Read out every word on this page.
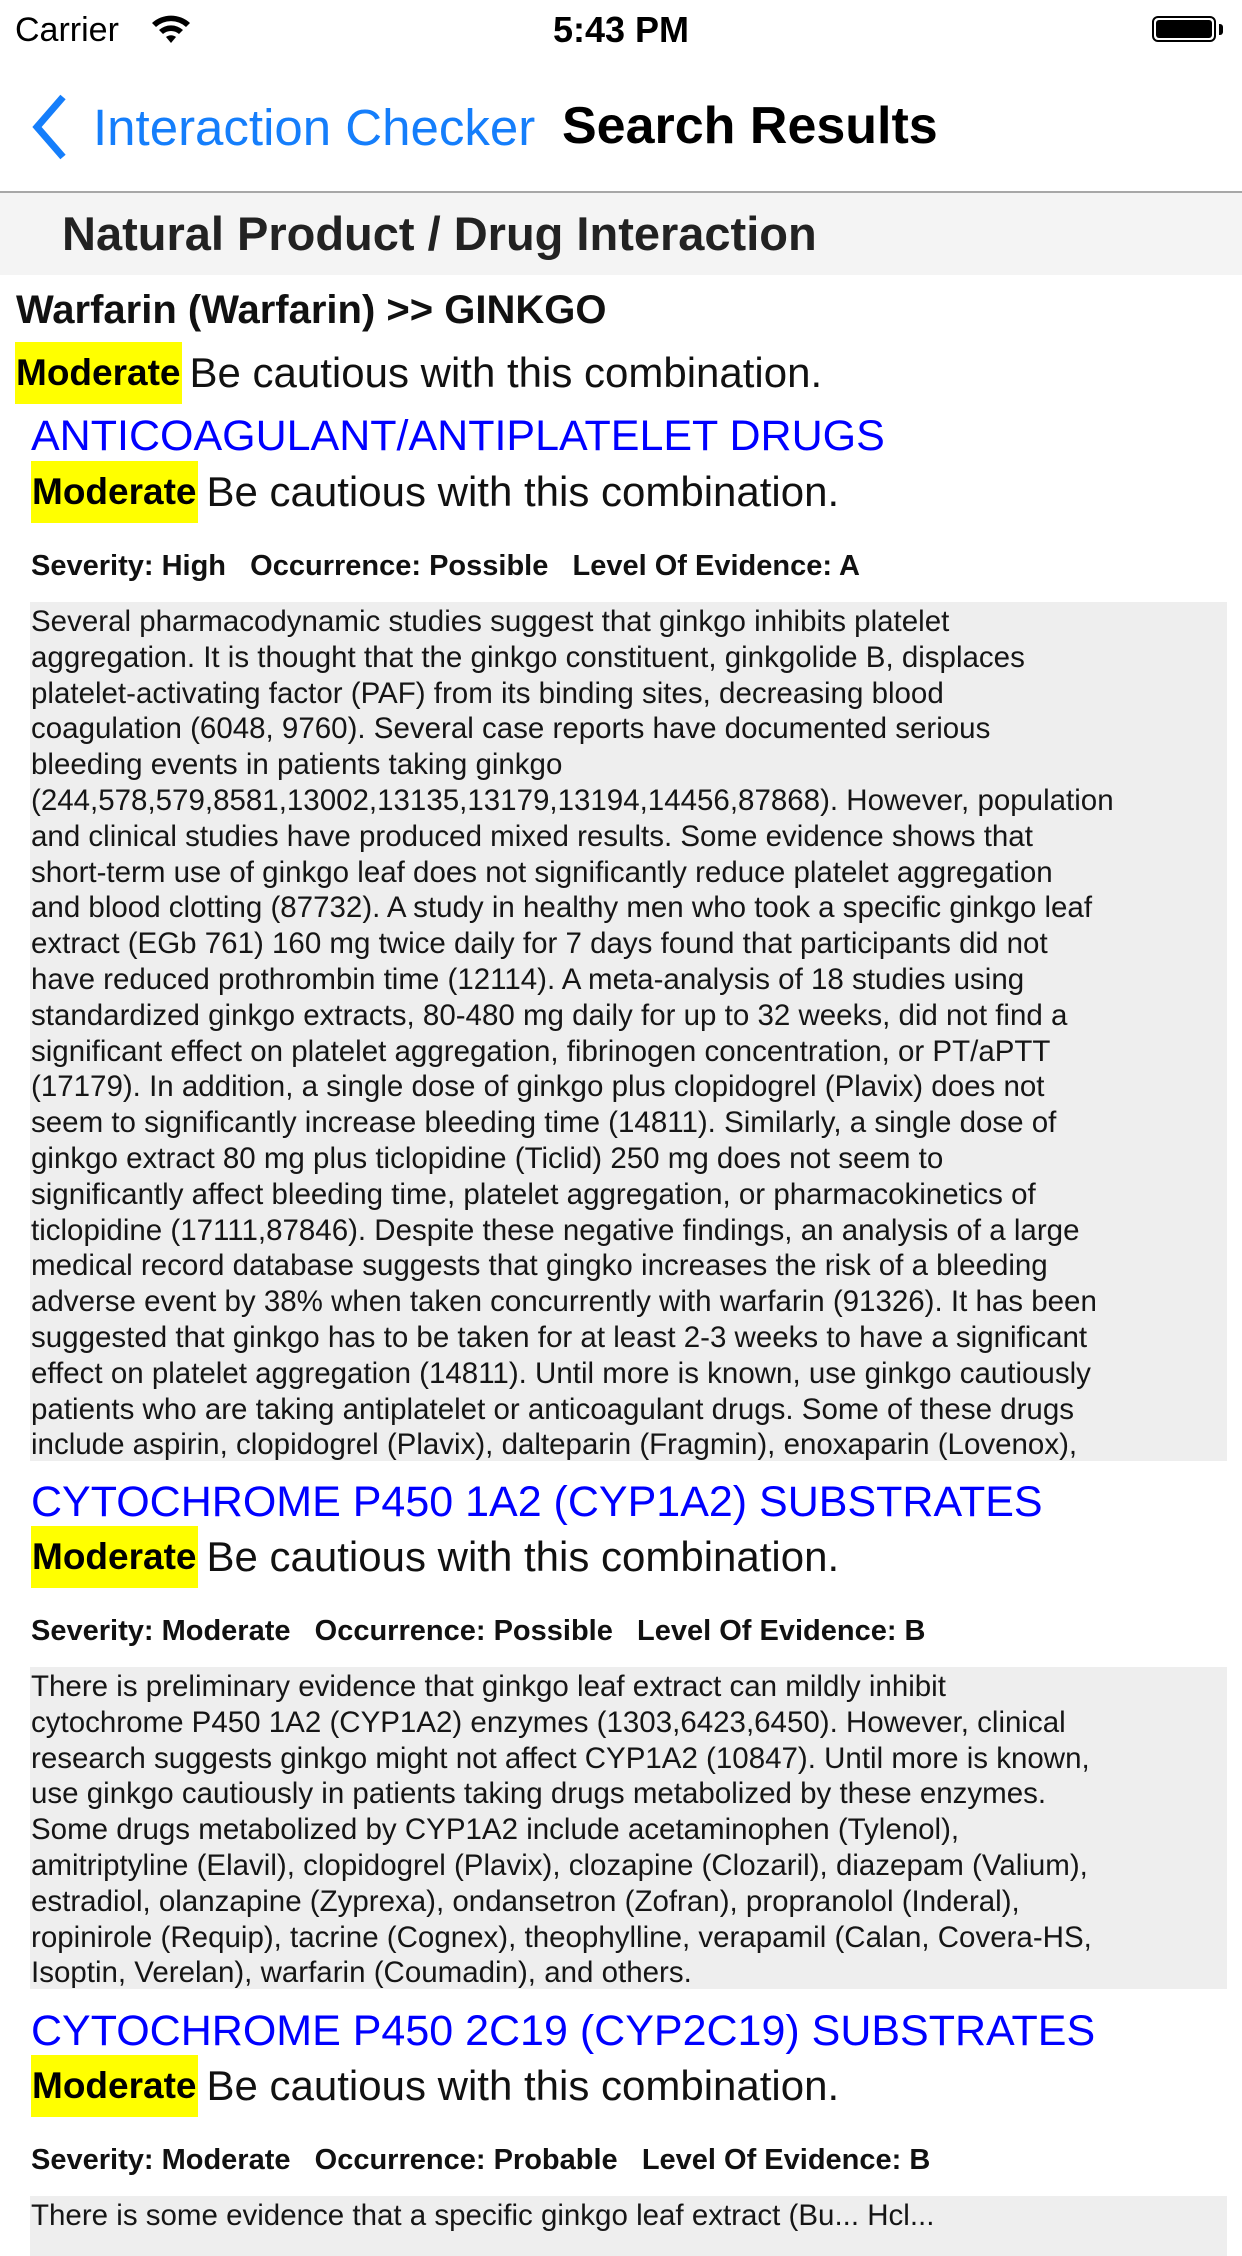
Carrier	5:43 PM
Interaction Checker Search Results
Natural Product / Drug Interaction
Warfarin (Warfarin) >> GINKGO
Moderate Be cautious with this combination.
ANTICOAGULANT/ANTIPLATELET DRUGS
Moderate Be cautious with this combination.
Severity: High   Occurrence: Possible   Level Of Evidence: A
Several pharmacodynamic studies suggest that ginkgo inhibits platelet
aggregation. It is thought that the ginkgo constituent, ginkgolide B, displaces
platelet-activating factor (PAF) from its binding sites, decreasing blood
coagulation (6048, 9760). Several case reports have documented serious
bleeding events in patients taking ginkgo
(244,578,579,8581,13002,13135,13179,13194,14456,87868). However, population
and clinical studies have produced mixed results. Some evidence shows that
short-term use of ginkgo leaf does not significantly reduce platelet aggregation
and blood clotting (87732). A study in healthy men who took a specific ginkgo leaf
extract (EGb 761) 160 mg twice daily for 7 days found that participants did not
have reduced prothrombin time (12114). A meta-analysis of 18 studies using
standardized ginkgo extracts, 80-480 mg daily for up to 32 weeks, did not find a
significant effect on platelet aggregation, fibrinogen concentration, or PT/aPTT
(17179). In addition, a single dose of ginkgo plus clopidogrel (Plavix) does not
seem to significantly increase bleeding time (14811). Similarly, a single dose of
ginkgo extract 80 mg plus ticlopidine (Ticlid) 250 mg does not seem to
significantly affect bleeding time, platelet aggregation, or pharmacokinetics of
ticlopidine (17111,87846). Despite these negative findings, an analysis of a large
medical record database suggests that gingko increases the risk of a bleeding
adverse event by 38% when taken concurrently with warfarin (91326). It has been
suggested that ginkgo has to be taken for at least 2-3 weeks to have a significant
effect on platelet aggregation (14811). Until more is known, use ginkgo cautiously
patients who are taking antiplatelet or anticoagulant drugs. Some of these drugs
include aspirin, clopidogrel (Plavix), dalteparin (Fragmin), enoxaparin (Lovenox),
CYTOCHROME P450 1A2 (CYP1A2) SUBSTRATES
Moderate Be cautious with this combination.
Severity: Moderate   Occurrence: Possible   Level Of Evidence: B
There is preliminary evidence that ginkgo leaf extract can mildly inhibit
cytochrome P450 1A2 (CYP1A2) enzymes (1303,6423,6450). However, clinical
research suggests ginkgo might not affect CYP1A2 (10847). Until more is known,
use ginkgo cautiously in patients taking drugs metabolized by these enzymes.
Some drugs metabolized by CYP1A2 include acetaminophen (Tylenol),
amitriptyline (Elavil), clopidogrel (Plavix), clozapine (Clozaril), diazepam (Valium),
estradiol, olanzapine (Zyprexa), ondansetron (Zofran), propranolol (Inderal),
ropinirole (Requip), tacrine (Cognex), theophylline, verapamil (Calan, Covera-HS,
Isoptin, Verelan), warfarin (Coumadin), and others.
CYTOCHROME P450 2C19 (CYP2C19) SUBSTRATES
Moderate Be cautious with this combination.
Severity: Moderate   Occurrence: Probable   Level Of Evidence: B
There is some evidence that a specific ginkgo leaf extract (Bu... Hcl...
